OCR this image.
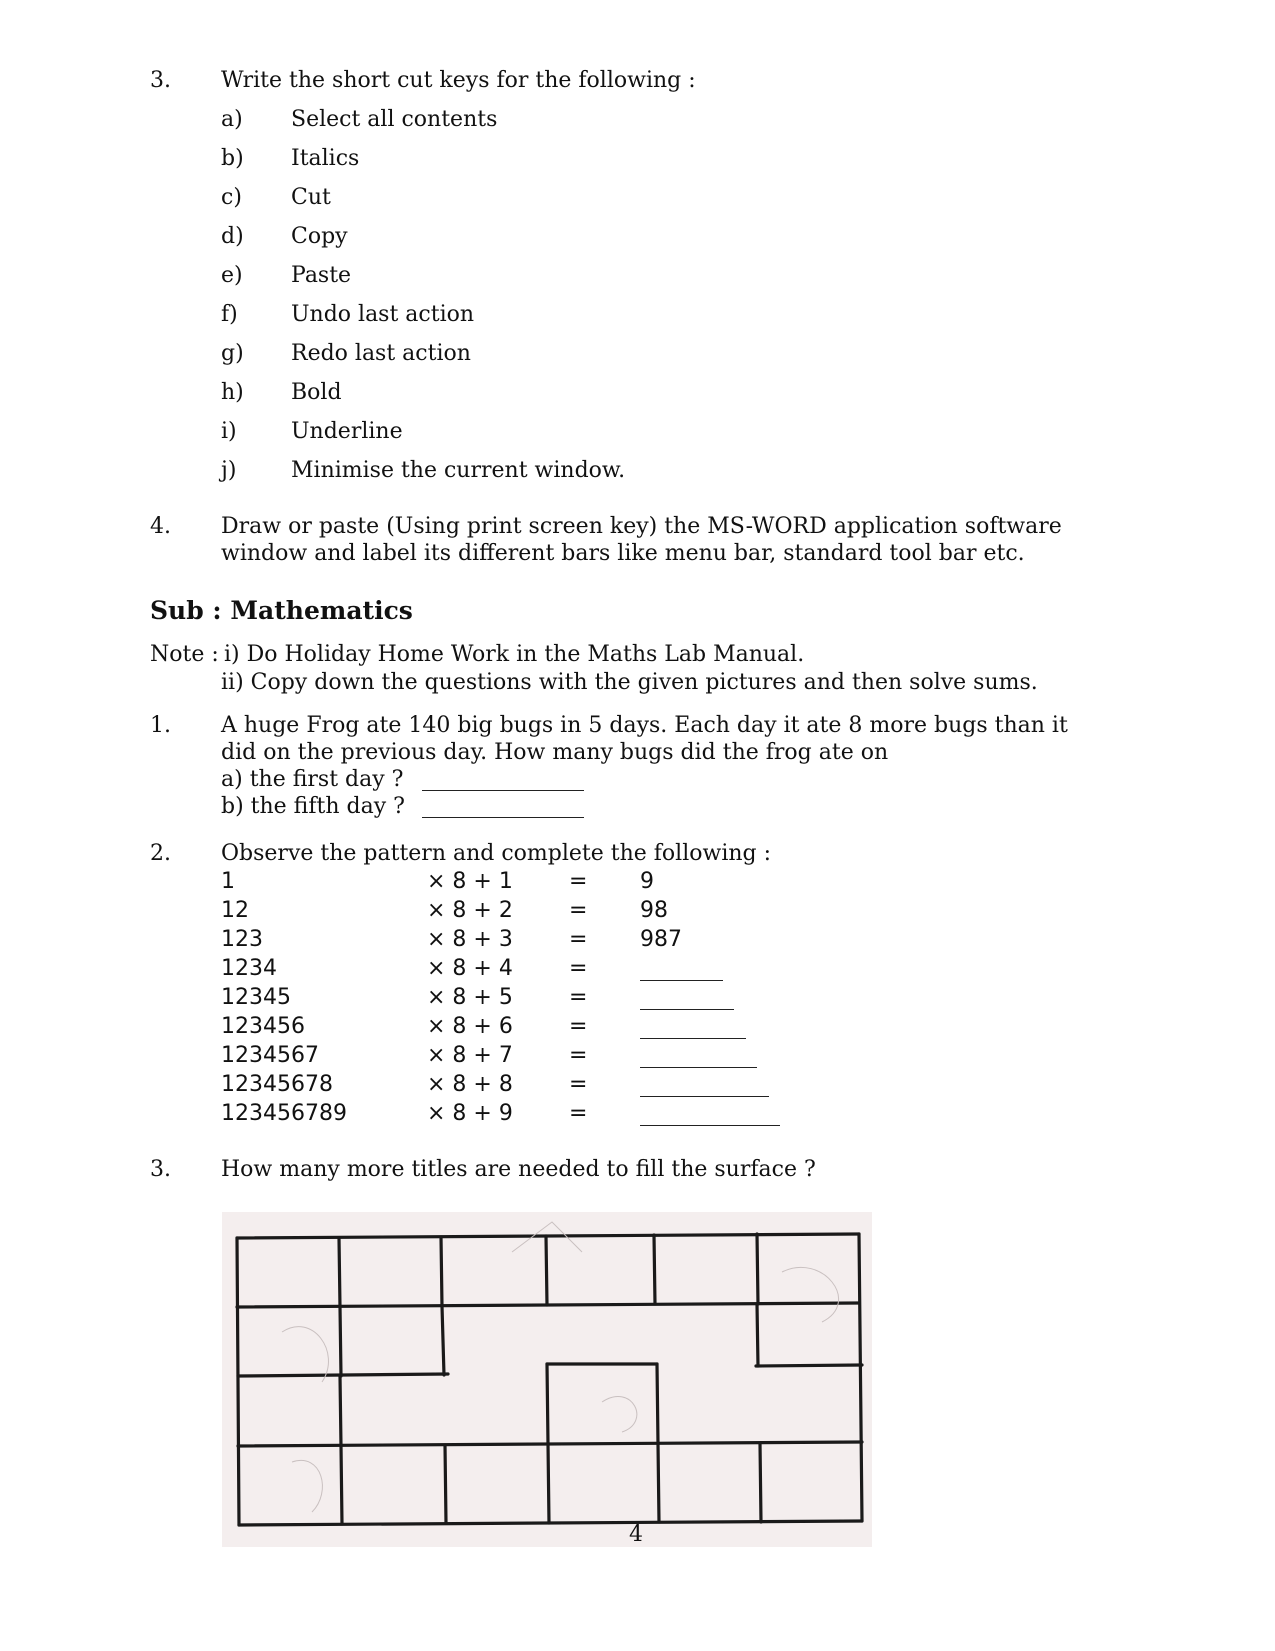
3. Write the short cut keys for the following :
a) Select all contents
b) Italics
c) Cut
d) Copy
e) Paste
f) Undo last action
g) Redo last action
h) Bold
i) Underline
j) Minimise the current window.
4. Draw or paste (Using print screen key) the MS-WORD application software
window and label its different bars like menu bar, standard tool bar etc.
Sub : Mathematics
Note : i) Do Holiday Home Work in the Maths Lab Manual.
ii) Copy down the questions with the given pictures and then solve sums.
1. A huge Frog ate 140 big bugs in 5 days. Each day it ate 8 more bugs than it
did on the previous day. How many bugs did the frog ate on
a) the first day ?
b) the fifth day ?
2. Observe the pattern and complete the following :
1	× 8 + 1	= 9
12	× 8 + 2	= 98
123	× 8 + 3	= 987
1234	× 8 + 4	=
12345	× 8 + 5	=
123456	× 8 + 6	=
1234567	× 8 + 7	=
12345678	× 8 + 8	=
123456789	× 8 + 9	=
3. How many more titles are needed to fill the surface ?
4
